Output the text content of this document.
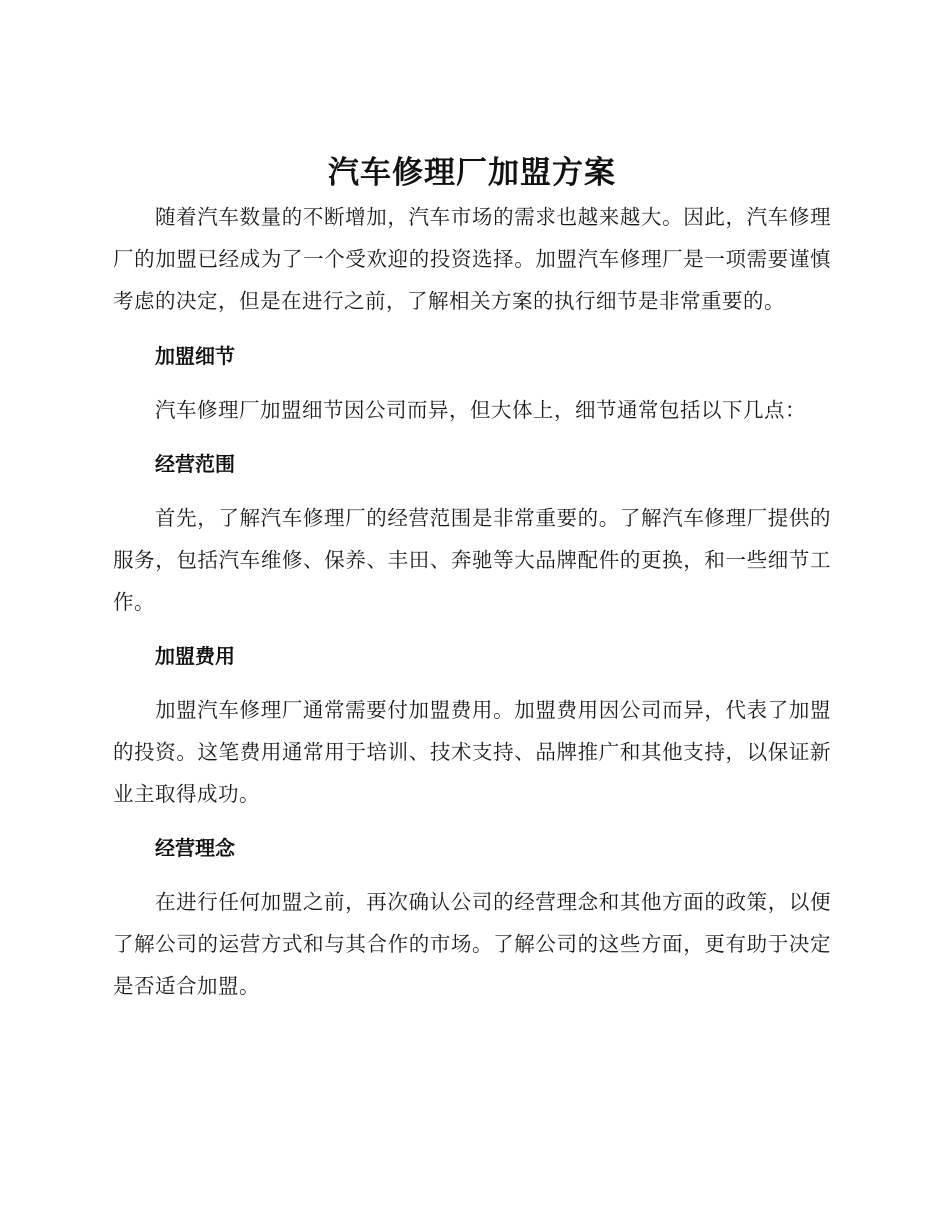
汽车修理厂加盟方案

随着汽车数量的不断增加，汽车市场的需求也越来越大。因此，汽车修理厂的加盟已经成为了一个受欢迎的投资选择。加盟汽车修理厂是一项需要谨慎考虑的决定，但是在进行之前，了解相关方案的执行细节是非常重要的。

加盟细节

汽车修理厂加盟细节因公司而异，但大体上，细节通常包括以下几点：

经营范围

首先，了解汽车修理厂的经营范围是非常重要的。了解汽车修理厂提供的服务，包括汽车维修、保养、丰田、奔驰等大品牌配件的更换，和一些细节工作。

加盟费用

加盟汽车修理厂通常需要付加盟费用。加盟费用因公司而异，代表了加盟的投资。这笔费用通常用于培训、技术支持、品牌推广和其他支持，以保证新业主取得成功。

经营理念

在进行任何加盟之前，再次确认公司的经营理念和其他方面的政策，以便了解公司的运营方式和与其合作的市场。了解公司的这些方面，更有助于决定是否适合加盟。
